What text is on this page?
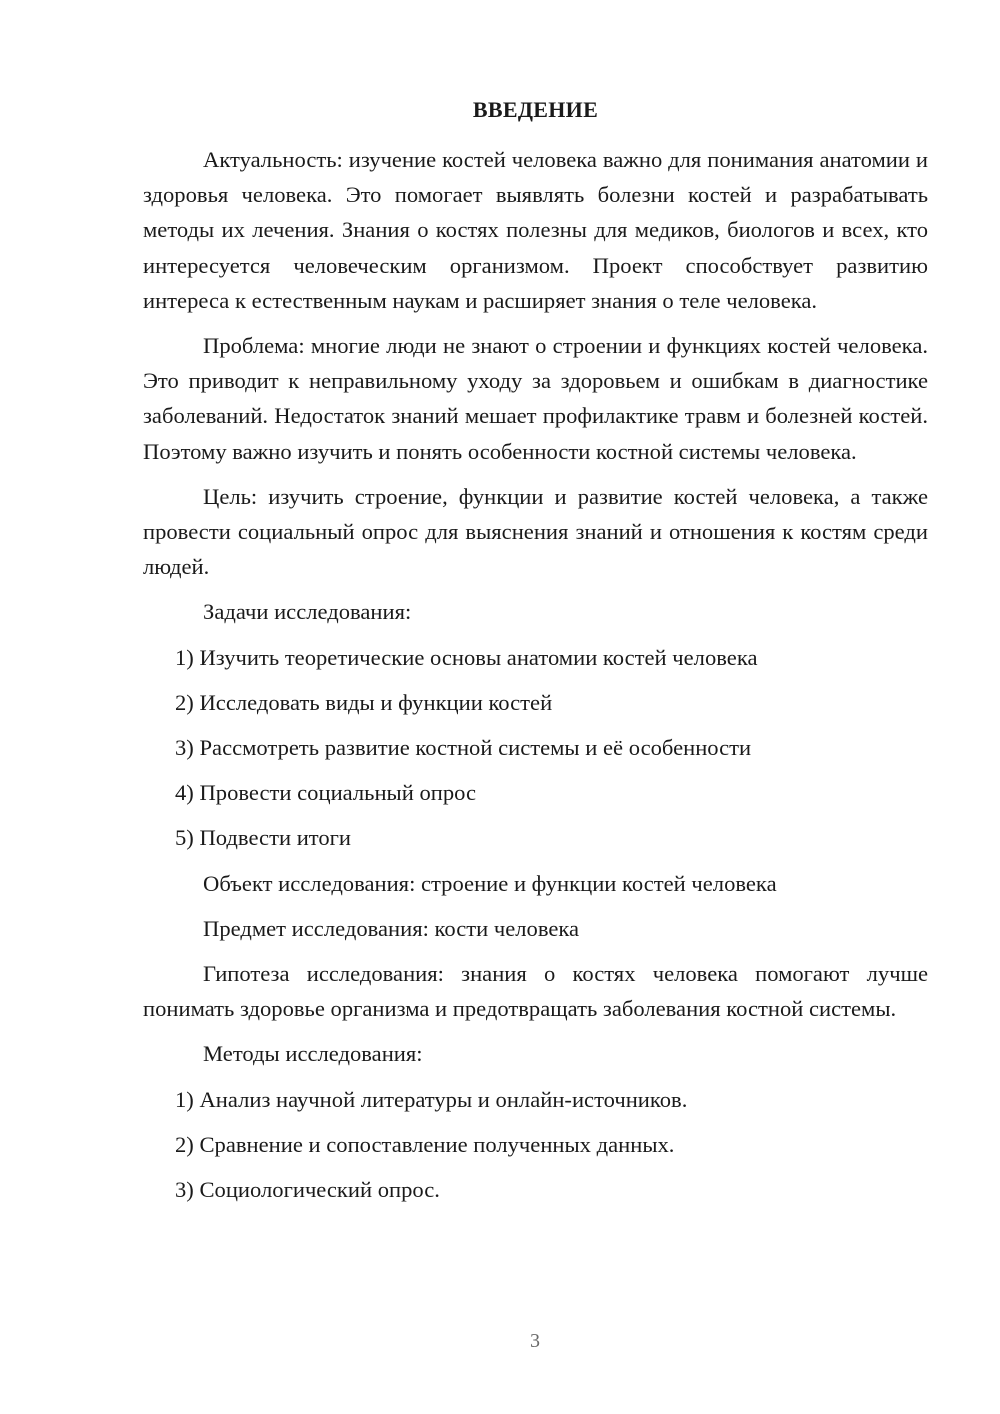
ВВЕДЕНИЕ

Актуальность: изучение костей человека важно для понимания анатомии и здоровья человека. Это помогает выявлять болезни костей и разрабатывать методы их лечения. Знания о костях полезны для медиков, биологов и всех, кто интересуется человеческим организмом. Проект способствует развитию интереса к естественным наукам и расширяет знания о теле человека.

Проблема: многие люди не знают о строении и функциях костей человека. Это приводит к неправильному уходу за здоровьем и ошибкам в диагностике заболеваний. Недостаток знаний мешает профилактике травм и болезней костей. Поэтому важно изучить и понять особенности костной системы человека.

Цель: изучить строение, функции и развитие костей человека, а также провести социальный опрос для выяснения знаний и отношения к костям среди людей.

Задачи исследования:

1) Изучить теоретические основы анатомии костей человека

2) Исследовать виды и функции костей

3) Рассмотреть развитие костной системы и её особенности

4) Провести социальный опрос

5) Подвести итоги

Объект исследования: строение и функции костей человека

Предмет исследования: кости человека

Гипотеза исследования: знания о костях человека помогают лучше понимать здоровье организма и предотвращать заболевания костной системы.

Методы исследования:

1) Анализ научной литературы и онлайн-источников.

2) Сравнение и сопоставление полученных данных.

3) Социологический опрос.

3
